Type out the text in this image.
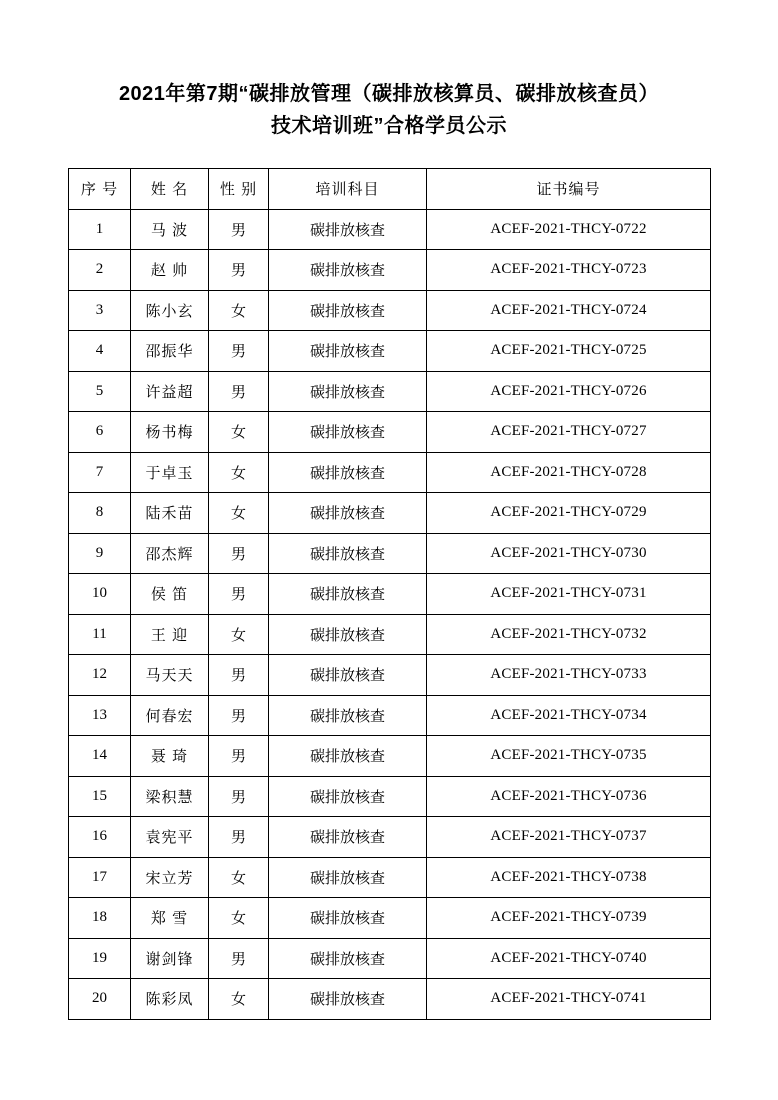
2021年第7期“碳排放管理（碳排放核算员、碳排放核查员）
技术培训班”合格学员公示
序 号	姓 名	性 别	培训科目	证书编号
1	马 波	男	碳排放核查	ACEF-2021-THCY-0722
2	赵 帅	男	碳排放核查	ACEF-2021-THCY-0723
3	陈小玄	女	碳排放核查	ACEF-2021-THCY-0724
4	邵振华	男	碳排放核查	ACEF-2021-THCY-0725
5	许益超	男	碳排放核查	ACEF-2021-THCY-0726
6	杨书梅	女	碳排放核查	ACEF-2021-THCY-0727
7	于卓玉	女	碳排放核查	ACEF-2021-THCY-0728
8	陆禾苗	女	碳排放核查	ACEF-2021-THCY-0729
9	邵杰辉	男	碳排放核查	ACEF-2021-THCY-0730
10	侯 笛	男	碳排放核查	ACEF-2021-THCY-0731
11	王 迎	女	碳排放核查	ACEF-2021-THCY-0732
12	马天天	男	碳排放核查	ACEF-2021-THCY-0733
13	何春宏	男	碳排放核查	ACEF-2021-THCY-0734
14	聂 琦	男	碳排放核查	ACEF-2021-THCY-0735
15	梁积慧	男	碳排放核查	ACEF-2021-THCY-0736
16	袁宪平	男	碳排放核查	ACEF-2021-THCY-0737
17	宋立芳	女	碳排放核查	ACEF-2021-THCY-0738
18	郑 雪	女	碳排放核查	ACEF-2021-THCY-0739
19	谢剑锋	男	碳排放核查	ACEF-2021-THCY-0740
20	陈彩凤	女	碳排放核查	ACEF-2021-THCY-0741
